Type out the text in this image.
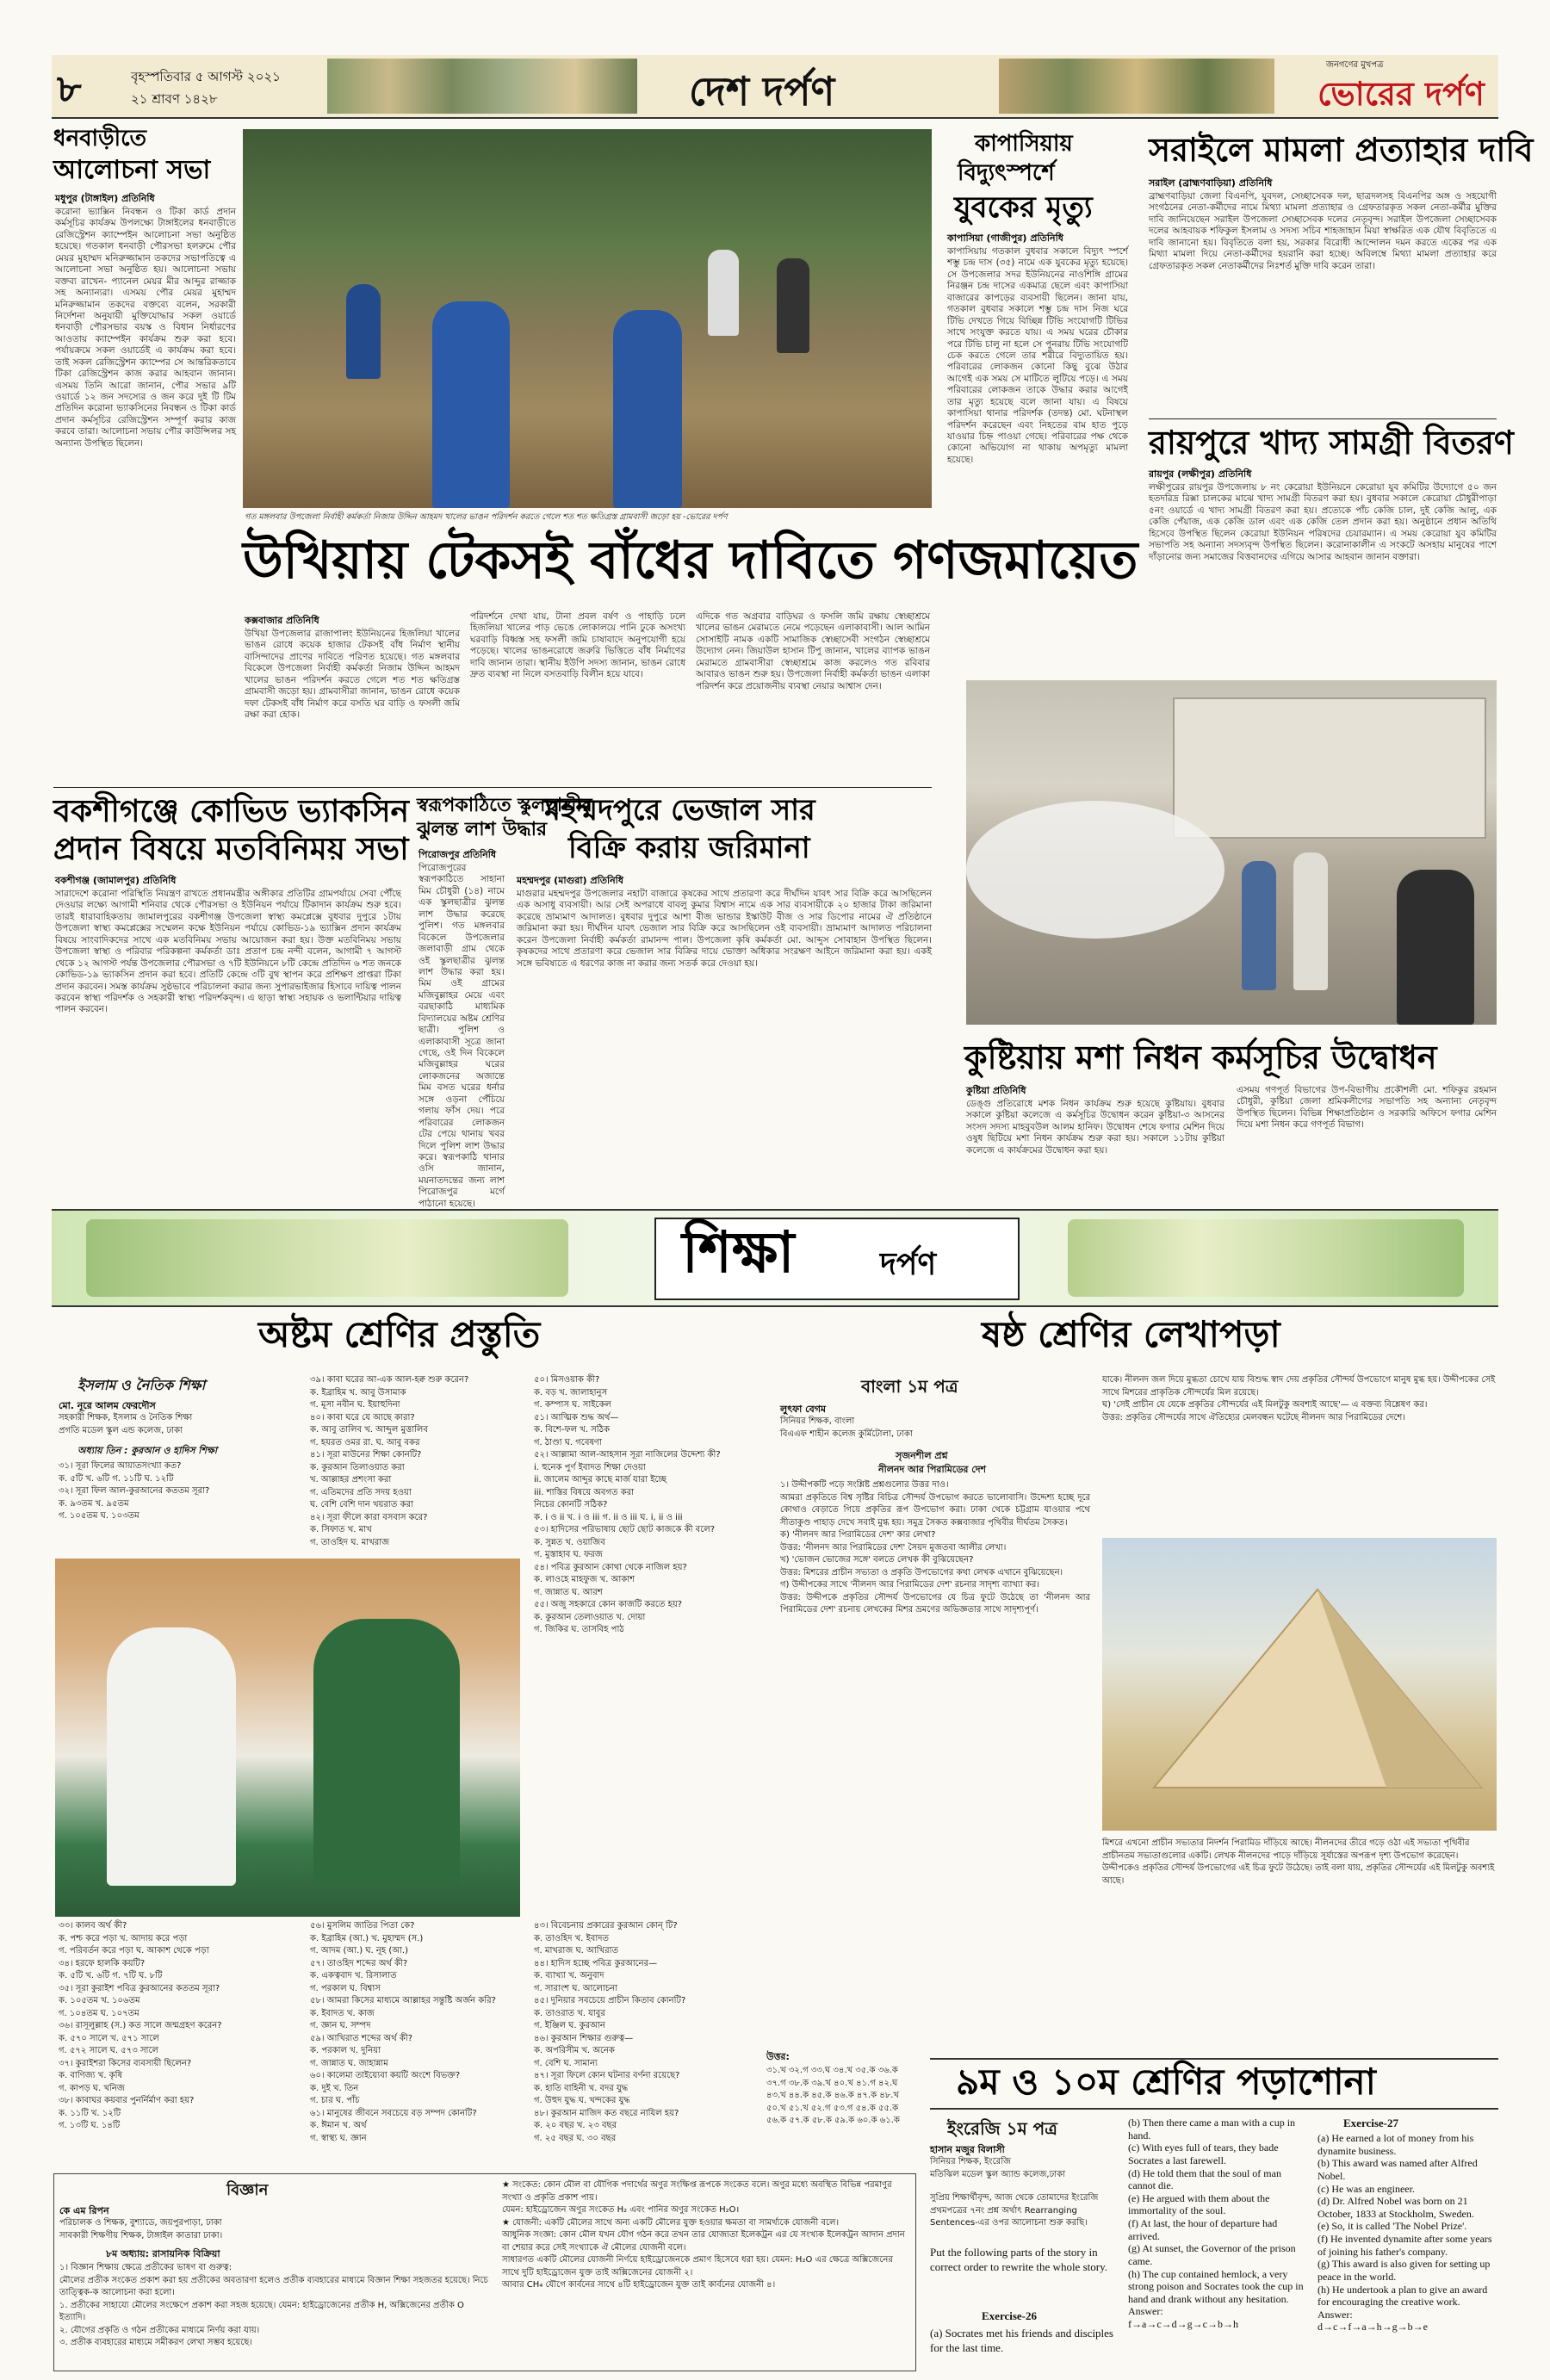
৮	বৃহস্পতিবার ৫ আগস্ট ২০২১
২১ শ্রাবণ ১৪২৮	দেশ দর্পণ
জনগণের মুখপত্র
ভোরের দর্পণ
ধনবাড়ীতে
আলোচনা সভা
মধুপুর (টাঙ্গাইল) প্রতিনিধি
করোনা ভ্যাক্সিন নিবন্ধন ও টিকা কার্ড প্রদান কর্মসূচির কার্যক্রম উপলক্ষ্যে টাঙ্গাইলের ধনবাড়ীতে রেজিস্ট্রেশন ক্যাম্পেইন আলোচনা সভা অনুষ্ঠিত হয়েছে। গতকাল ধনবাড়ী পৌরসভা হলরুমে পৌর মেয়র মুহাম্মদ মনিরুজ্জামান তকদের সভাপতিত্বে এ আলোচনা সভা অনুষ্ঠিত হয়। আলোচনা সভায় বক্তব্য রাখেন- প্যানেল মেয়র মীর আব্দুর রাজ্জাক সহ অন্যান্যরা। এসময় পৌর মেয়র মুহাম্মদ মনিরুজ্জামান তকদের বক্তব্যে বলেন, সরকারী নির্দেশনা অনুযায়ী মুক্তিযোদ্ধার সকল ওয়ার্ডে ধনবাড়ী পৌরসভার বয়স্ক ও বিধান নির্ধারণের আওতায় ক্যাম্পেইন কার্যক্রম শুরু করা হবে। পর্যায়ক্রমে সকল ওয়ার্ডেই এ কার্যক্রম করা হবে। তাই সকল রেজিস্ট্রেশন ক্যাম্পের সে আন্তরিকতাবে টিকা রেজিস্ট্রেশন কাজ করার আহবান জানান। এসময় তিনি আরো জানান, পৌর সভার ৯টি ওয়ার্ডে ১২ জন সদস্যের ও জন করে দুই টি টিম প্রতিদিন করোনা ভ্যাকসিনের নিবন্ধন ও টিকা কার্ড প্রদান কর্মসূচির রেজিস্ট্রেশন সম্পূর্ণ করার কাজ করবে তারা। আলোচনা সভায় পৌর কাউন্সিলর সহ অন্যান্য উপস্থিত ছিলেন।
গত মঙ্গলবার উপজেলা নির্বাহী কর্মকর্তা নিজাম উদ্দিন আহমদ খালের ভাঙন পরিদর্শন করতে গেলে শত শত ক্ষতিগ্রস্ত গ্রামবাসী জড়ো হয় -ভোরের দর্পণ
উখিয়ায় টেকসই বাঁধের দাবিতে গণজমায়েত
কক্সবাজার প্রতিনিধি
উখিয়া উপজেলার রাজাপালং ইউনিয়নের হিজলিয়া খালের ভাঙন রোধে কয়েক হাজার টেকসই বাঁধ নির্মাণ স্থানীয় বাসিন্দাদের প্রাণের দাবিতে পরিণত হয়েছে। গত মঙ্গলবার বিকেলে উপজেলা নির্বাহী কর্মকর্তা নিজাম উদ্দিন আহমদ খালের ভাঙন পরিদর্শন করতে গেলে শত শত ক্ষতিগ্রস্ত গ্রামবাসী জড়ো হয়। গ্রামবাসীরা জানান, ভাঙন রোধে কয়েক দফা টেকসই বাঁধ নির্মাণ করে বসতি ঘর বাড়ি ও ফসলী জমি রক্ষা করা হোক।
পরিদর্শনে দেখা যায়, টানা প্রবল বর্ষণ ও পাহাড়ি ঢলে হিজলিয়া খালের পাড় ভেঙে লোকালয়ে পানি ঢুকে অসংখ্য ঘরবাড়ি বিধ্বস্ত সহ ফসলী জমি চাষাবাদে অনুপযোগী হয়ে পড়েছে। খালের ভাঙনরোধে জরুরি ভিত্তিতে বাঁধ নির্মাণের দাবি জানান তারা। স্থানীয় ইউপি সদস্য জানান, ভাঙন রোধে দ্রুত ব্যবস্থা না নিলে বসতবাড়ি বিলীন হয়ে যাবে।
এদিকে গত অগ্রবার বাড়িঘর ও ফসলি জমি রক্ষায় স্বেচ্ছাশ্রমে খালের ভাঙন মেরামতে নেমে পড়েছেন এলাকাবাসী। আল আমিন সোসাইটি নামক একটি সামাজিক স্বেচ্ছাসেবী সংগঠন স্বেচ্ছাশ্রমে উদ্যোগ নেন। জিয়াউল হাসান টিপু জানান, খালের ব্যাপক ভাঙন মেরামতে গ্রামবাসীরা স্বেচ্ছাশ্রমে কাজ করলেও গত রবিবার আবারও ভাঙন শুরু হয়। উপজেলা নির্বাহী কর্মকর্তা ভাঙন এলাকা পরিদর্শন করে প্রয়োজনীয় ব্যবস্থা নেয়ার আশ্বাস দেন।
কাপাসিয়ায়
বিদ্যুৎস্পর্শে
যুবকের মৃত্যু
কাপাসিয়া (গাজীপুর) প্রতিনিধি
কাপাসিয়ায় গতকাল বুধবার সকালে বিদ্যুৎ স্পর্শে শম্ভু চন্দ্র দাস (৩৫) নামে এক যুবকের মৃত্যু হয়েছে। সে উপজেলার সদর ইউনিয়নের নাওশিঙ্গি গ্রামের নিরঞ্জন চন্দ্র দাসের একমাত্র ছেলে এবং কাপাসিয়া বাজারের কাপড়ের ব্যবসায়ী ছিলেন। জানা যায়, গতকাল বুধবার সকালে শম্ভু চন্দ্র দাস নিজ ঘরে টিভি দেখতে গিয়ে বিচ্ছিন্ন টিভি সংযোগটি টিভির সাথে সংযুক্ত করতে যায়। এ সময় ঘরের চৌকার পরে টিভি চালু না হলে সে পুনরায় টিভি সংযোগটি চেক করতে গেলে তার শরীরে বিদ্যুতায়িত হয়। পরিবারের লোকজন কোনো কিছু বুঝে উঠার আগেই এক সময় সে মাটিতে লুটিয়ে পড়ে। এ সময় পরিবারের লোকজন তাকে উদ্ধার করার আগেই তার মৃত্যু হয়েছে বলে জানা যায়। এ বিষয়ে কাপাসিয়া থানার পরিদর্শক (তদন্ত) মো. ঘটনাস্থল পরিদর্শন করেছেন এবং নিহতের বাম হাত পুড়ে যাওয়ার চিহ্ন পাওয়া গেছে। পরিবারের পক্ষ থেকে কোনো অভিযোগ না থাকায় অপমৃত্যু মামলা হয়েছে।
সরাইলে মামলা প্রত্যাহার দাবি
সরাইল (ব্রাহ্মণবাড়িয়া) প্রতিনিধি
ব্রাহ্মণবাড়িয়া জেলা বিএনপি, যুবদল, সেচ্ছাসেবক দল, ছাত্রদলসহ বিএনপির অঙ্গ ও সহযোগী সংগঠনের নেতা-কর্মীদের নামে মিথ্যা মামলা প্রত্যাহার ও গ্রেফতারকৃত সকল নেতা-কর্মীর মুক্তির দাবি জানিয়েছেন সরাইল উপজেলা সেচ্ছাসেবক দলের নেতৃবৃন্দ। সরাইল উপজেলা সেচ্ছাসেবক দলের আহবায়ক শফিকুল ইসলাম ও সদস্য সচিব শাহজাহান মিয়া স্বাক্ষরিত এক যৌথ বিবৃতিতে এ দাবি জানানো হয়। বিবৃতিতে বলা হয়, সরকার বিরোধী আন্দোলন দমন করতে একের পর এক মিথ্যা মামলা দিয়ে নেতা-কর্মীদের হয়রানি করা হচ্ছে। অবিলম্বে মিথ্যা মামলা প্রত্যাহার করে গ্রেফতারকৃত সকল নেতাকর্মীদের নিঃশর্ত মুক্তি দাবি করেন তারা।
রায়পুরে খাদ্য সামগ্রী বিতরণ
রায়পুর (লক্ষীপুর) প্রতিনিধি
লক্ষীপুরের রায়পুর উপজেলায় ৮ নং কেরোয়া ইউনিয়নে কেরোয়া যুব কমিটির উদ্যোগে ৫০ জন হতদরিদ্র রিক্সা চালকের মাঝে খাদ্য সামগ্রী বিতরণ করা হয়। বুধবার সকালে কেরোয়া চৌধুরীপাড়া ৫নং ওয়ার্ডে এ খাদ্য সামগ্রী বিতরণ করা হয়। প্রত্যেকে পাঁচ কেজি চাল, দুই কেজি আলু, এক কেজি পেঁয়াজ, এক কেজি ডাল এবং এক কেজি তেল প্রদান করা হয়। অনুষ্ঠানে প্রধান অতিথি হিসেবে উপস্থিত ছিলেন কেরোয়া ইউনিয়ন পরিষদের চেয়ারম্যান। এ সময় কেরোয়া যুব কমিটির সভাপতি সহ অন্যান্য সদস্যবৃন্দ উপস্থিত ছিলেন। করোনাকালীন এ সংকটে অসহায় মানুষের পাশে দাঁড়ানোর জন্য সমাজের বিত্তবানদের এগিয়ে আসার আহবান জানান বক্তারা।
বকশীগঞ্জে কোভিড ভ্যাকসিন
প্রদান বিষয়ে মতবিনিময় সভা
বকশীগঞ্জ (জামালপুর) প্রতিনিধি
সারাদেশে করোনা পরিস্থিতি নিয়ন্ত্রণ রাখতে প্রধানমন্ত্রীর অঙ্গীকার প্রতিটির গ্রামপর্যায়ে সেবা পৌঁছে দেওয়ার লক্ষ্যে আগামী শনিবার থেকে পৌরসভা ও ইউনিয়ন পর্যায়ে টিকাদান কার্যক্রম শুরু হবে। তারই ধারাবাহিকতায় জামালপুরের বকশীগঞ্জ উপজেলা স্বাস্থ্য কমপ্লেক্সে বুধবার দুপুরে ১টায় উপজেলা স্বাস্থ্য কমপ্লেক্সের সম্মেলন কক্ষে ইউনিয়ন পর্যায়ে কোভিড-১৯ ভ্যাক্সিন প্রদান কার্যক্রম বিষয়ে সাংবাদিকদের সাথে এক মতবিনিময় সভায় আয়োজন করা হয়। উক্ত মতবিনিময় সভায় উপজেলা স্বাস্থ্য ও পরিবার পরিকল্পনা কর্মকর্তা ডাঃ প্রতাপ চন্দ্র নন্দী বলেন, আগামী ৭ আগস্ট থেকে ১২ আগস্ট পর্যন্ত উপজেলার পৌরসভা ও ৭টি ইউনিয়নে ৮টি কেন্দ্রে প্রতিদিন ৬ শত জনকে কোভিড-১৯ ভ্যাকসিন প্রদান করা হবে। প্রতিটি কেন্দ্রে ৩টি বুথ স্থাপন করে প্রশিক্ষণ প্রাপ্তরা টিকা প্রদান করবেন। সমস্ত কার্যক্রম সুষ্ঠভাবে পরিচালনা করার জন্য সুপারভাইজার হিসাবে দায়িত্ব পালন করবেন স্বাস্থ্য পরিদর্শক ও সহকারী স্বাস্থ্য পরিদর্শকবৃন্দ। এ ছাড়া স্বাস্থ্য সহায়ক ও ভলান্টিয়ার দায়িত্ব পালন করবেন।
স্বরূপকাঠিতে স্কুলছাত্রীর
ঝুলন্ত লাশ উদ্ধার
পিরোজপুর প্রতিনিধি
পিরোজপুরের স্বরূপকাঠিতে সাহানা মিম চৌধুরী (১৪) নামে এক স্কুলছাত্রীর ঝুলন্ত লাশ উদ্ধার করেছে পুলিশ। গত মঙ্গলবার বিকেলে উপজেলার জলাবাড়ী গ্রাম থেকে ওই স্কুলছাত্রীর ঝুলন্ত লাশ উদ্ধার করা হয়। মিম ওই গ্রামের মজিবুল্লাহর মেয়ে এবং বরছাকাঠি মাধ্যমিক বিদ্যালয়ের অষ্টম শ্রেণির ছাত্রী। পুলিশ ও এলাকাবাসী সূত্রে জানা গেছে, ওই দিন বিকেলে মজিবুল্লাহর ঘরের লোকজনের অজান্তে মিম বসত ঘরের ধর্নার সঙ্গে ওড়না পেঁচিয়ে গলায় ফাঁস দেয়। পরে পরিবারের লোকজন টের পেয়ে থানায় খবর দিলে পুলিশ লাশ উদ্ধার করে। স্বরূপকাঠি থানার ওসি জানান, ময়নাতদন্তের জন্য লাশ পিরোজপুর মর্গে পাঠানো হয়েছে।
মহম্মদপুরে ভেজাল সার
বিক্রি করায় জরিমানা
মহম্মদপুর (মাগুরা) প্রতিনিধি
মাগুরার মহম্মদপুর উপজেলার নহাটা বাজারে কৃষকের সাথে প্রতারণা করে দীর্ঘদিন যাবৎ সার বিক্রি করে আসছিলেন এক অসাধু ব্যবসায়ী। আর সেই অপরাধে বাবলু কুমার বিশ্বাস নামে এক সার ব্যবসায়ীকে ২০ হাজার টাকা জরিমানা করেছে ভ্রাম্যমাণ আদালত। বুধবার দুপুরে আশা বীজ ভান্ডার ইস্কাউট বীজ ও সার ডিপোর নামের ঐ প্রতিষ্ঠানে জরিমানা করা হয়। দীর্ঘদিন যাবৎ ভেজাল সার বিক্রি করে আসছিলেন ওই ব্যবসায়ী। ভ্রাম্যমাণ আদালত পরিচালনা করেন উপজেলা নির্বাহী কর্মকর্তা রামানন্দ পাল। উপজেলা কৃষি কর্মকর্তা মো. আব্দুস সোবাহান উপস্থিত ছিলেন। কৃষকদের সাথে প্রতারণা করে ভেজাল সার বিক্রির দায়ে ভোক্তা অধিকার সংরক্ষণ আইনে জরিমানা করা হয়। একই সঙ্গে ভবিষ্যতে এ ধরণের কাজ না করার জন্য সতর্ক করে দেওয়া হয়।
কুষ্টিয়ায় মশা নিধন কর্মসূচির উদ্বোধন
কুষ্টিয়া প্রতিনিধি
ডেঙ্গু প্রতিরোধে মশক নিধন কার্যক্রম শুরু হয়েছে কুষ্টিয়ায়। বুধবার সকালে কুষ্টিয়া কলেজে এ কর্মসূচির উদ্বোধন করেন কুষ্টিয়া-৩ আসনের সংসদ সদস্য মাহবুবউল আলম হানিফ। উদ্বোধন শেষে ফগার মেশিন দিয়ে ওষুধ ছিটিয়ে মশা নিধন কার্যক্রম শুরু করা হয়। সকালে ১১টায় কুষ্টিয়া কলেজে এ কার্যক্রমের উদ্বোধন করা হয়।
এসময় গণপূর্ত বিভাগের উপ-বিভাগীয় প্রকৌশলী মো. শফিকুর রহমান চৌধুরী, কুষ্টিয়া জেলা শ্রমিকলীগের সভাপতি সহ অন্যান্য নেতৃবৃন্দ উপস্থিত ছিলেন। বিভিন্ন শিক্ষাপ্রতিষ্ঠান ও সরকারি অফিসে ফগার মেশিন দিয়ে মশা নিধন করে গণপূর্ত বিভাগ।
শিক্ষা	দর্পণ
অষ্টম শ্রেণির প্রস্তুতি
ইসলাম ও নৈতিক শিক্ষা
মো. নূরে আলম ফেরদৌস
সহকারী শিক্ষক, ইসলাম ও নৈতিক শিক্ষা
প্রগতি মডেল স্কুল এন্ড কলেজ, ঢাকা
অধ্যায় তিন : কুরআন ও হাদিস শিক্ষা
৩১। সূরা ফিলের আয়াতসংখ্যা কত?
ক. ৫টি খ. ৬টি গ. ১১টি ঘ. ১২টি
৩২। সূরা ফিল আল-কুরআনের কততম সূরা?
ক. ৯৩তম খ. ৯৫তম
গ. ১০৫তম ঘ. ১০৩তম
৩৩। কালব অর্থ কী?
ক. পশ্চ করে পড়া খ. আদায় করে পড়া
গ. পরিবর্তন করে পড়া ঘ. আকাশ থেকে পড়া
৩৪। হরফে হালকি কয়টি?
ক. ৫টি খ. ৬টি গ. ৭টি ঘ. ৮টি
৩৫। সূরা কুরাইশ পবিত্র কুরআনের কততম সূরা?
ক. ১০৫তম খ. ১০৬তম
গ. ১০৪তম ঘ. ১০৭তম
৩৬। রাসূলুল্লাহ (স.) কত সালে জন্মগ্রহণ করেন?
ক. ৫৭০ সালে খ. ৫৭১ সালে
গ. ৫৭২ সালে ঘ. ৫৭৩ সালে
৩৭। কুরাইশরা কিসের ব্যবসায়ী ছিলেন?
ক. বাণিজ্য খ. কৃষি
গ. কাপড় ঘ. খনিজ
৩৮। কাবাঘর কয়বার পুনর্নির্মাণ করা হয়?
ক. ১১টি খ. ১২টি
গ. ১৩টি ঘ. ১৪টি
৩৯। কাবা ঘরের আ-এক আল-হক্ব শুরু করেন?
ক. ইব্রাহিম খ. আবু উসামাক
গ. মূসা নবীন ঘ. ইয়াহুদিনা
৪০। কাবা ঘরে যে আছে কারা?
ক. আবু তালিব খ. আব্দুল মুত্তালিব
গ. হযরত ওমর রা. ঘ. আবু বকর
৪১। সূরা মাউনের শিক্ষা কোনটি?
ক. কুরআন তিলাওয়াত করা
খ. আল্লাহর প্রশংসা করা
গ. এতিমদের প্রতি সদয় হওয়া
ঘ. বেশি বেশি দান খয়রাত করা
৪২। সূরা ফীলে কারা বসবাস করে?
ক. সিফাত খ. মাখ
গ. তাওহিদ ঘ. মাখরাজ
৪৩। বিবেচনায় প্রকারের কুরআন কোন্ টি?
ক. তাওহিদ খ. ইবাদত
গ. মাখরাজ ঘ. আখিরাত
৪৪। হাদিস হচ্ছে পবিত্র কুরআনের—
ক. ব্যাখ্যা খ. অনুবাদ
গ. সারাংশ ঘ. আলোচনা
৪৫। দুনিয়ার সবচেয়ে প্রাচীন কিতাব কোনটি?
ক. তাওরাত খ. যাবুর
গ. ইঞ্জিল ঘ. কুরআন
৪৬। কুরআন শিক্ষার গুরুত্ব—
ক. অপরিসীম খ. অনেক
গ. বেশি ঘ. সামান্য
৪৭। সূরা ফিলে কোন ঘটনার বর্ণনা রয়েছে?
ক. হাতি বাহিনী খ. বদর যুদ্ধ
গ. উহুদ যুদ্ধ ঘ. খন্দকের যুদ্ধ
৪৮। কুরআন মাজিদ কত বছরে নাযিল হয়?
ক. ২০ বছর খ. ২৩ বছর
গ. ২৫ বছর ঘ. ৩০ বছর
৫০। মিসওয়াক কী?
ক. বড় খ. জালাহানুস
গ. কম্পাস ঘ. সাইকেল
৫১। আত্মিক শুদ্ধ অর্থ—
ক. বিশে-ফল খ. সঠিক
গ. ঠাণ্ডা ঘ. গবেষণা
৫২। আল্লামা আল-আহসান সূরা নাজিলের উদ্দেশ্য কী?
i. হুনেক পুর্ণ ইবাদত শিক্ষা দেওয়া
ii. জালেম আব্দুর কাছে মার্জ যারা ইচ্ছে
iii. শাস্তির বিষয়ে অবগত করা
নিচের কোনটি সঠিক?
ক. i ও ii খ. i ও iii গ. ii ও iii ঘ. i, ii ও iii
৫৩। হাদিসের পরিভাষায় ছোট ছোট কাজকে কী বলে?
ক. সুন্নত খ. ওয়াজিব
গ. মুস্তাহাব ঘ. ফরজ
৫৪। পবিত্র কুরআন কোথা থেকে নাজিল হয়?
ক. লাওহে মাহফুজ খ. আকাশ
গ. জান্নাত ঘ. আরশ
৫৫। অজু সহকারে কোন কাজটি করতে হয়?
ক. কুরআন তেলাওয়াত খ. দোয়া
গ. জিকির ঘ. তাসবিহ পাঠ
৫৬। মুসলিম জাতির পিতা কে?
ক. ইব্রাহিম (আ.) খ. মুহাম্মদ (স.)
গ. আদম (আ.) ঘ. নূহ (আ.)
৫৭। তাওহিদ শব্দের অর্থ কী?
ক. একত্ববাদ খ. রিসালাত
গ. পরকাল ঘ. বিশ্বাস
৫৮। আমরা কিসের মাধ্যমে আল্লাহর সন্তুষ্টি অর্জন করি?
ক. ইবাদত খ. কাজ
গ. জ্ঞান ঘ. সম্পদ
৫৯। আখিরাত শব্দের অর্থ কী?
ক. পরকাল খ. দুনিয়া
গ. জান্নাত ঘ. জাহান্নাম
৬০। কালেমা তাইয়্যেবা কয়টি অংশে বিভক্ত?
ক. দুই খ. তিন
গ. চার ঘ. পাঁচ
৬১। মানুষের জীবনে সবচেয়ে বড় সম্পদ কোনটি?
ক. ঈমান খ. অর্থ
গ. স্বাস্থ্য ঘ. জ্ঞান
উত্তর:
৩১.খ ৩২.গ ৩৩.ঘ ৩৪.খ ৩৫.ক ৩৬.ক ৩৭.গ ৩৮.ক ৩৯.খ ৪০.খ ৪১.গ ৪২.ঘ ৪৩.খ ৪৪.ক ৪৫.ক ৪৬.ক ৪৭.ক ৪৮.খ ৫০.খ ৫১.খ ৫২.গ ৫৩.গ ৫৪.ক ৫৫.ক ৫৬.ক ৫৭.ক ৫৮.ক ৫৯.ক ৬০.ক ৬১.ক
বিজ্ঞান
কে এম রিপন
পরিচালক ও শিক্ষক, বুশ্যাডে, জয়পুরপাড়া, ঢাকা
সাবকারী শিক্ষণীয় শিক্ষক, টাঙ্গাইল কাতারা ঢাকা।
৮ম অধ্যায়: রাসায়নিক বিক্রিয়া
১। বিজ্ঞান শিক্ষায় ক্ষেত্রে প্রতীকের ভাষণ বা গুরুত্ব:
মৌলের প্রতীক সংকেত প্রকাশ করা হয় প্রতীকের অবতারণা হলেও প্রতীক ব্যবহারের মাধ্যমে বিজ্ঞান শিক্ষা সহজতর হয়েছে। নিচে তাত্ত্বিক-ক আলোচনা করা হলো।
১. প্রতীকের সাহায্যে মৌলের সংক্ষেপে প্রকাশ করা সহজ হয়েছে। যেমন: হাইড্রোজেনের প্রতীক H, অক্সিজেনের প্রতীক O ইত্যাদি।
২. যৌগের প্রকৃতি ও গঠন প্রতীকের মাধ্যমে নির্ণয় করা যায়।
৩. প্রতীক ব্যবহারের মাধ্যমে সমীকরণ লেখা সম্ভব হয়েছে।
★ সংকেত: কোন মৌল বা যৌগিক পদার্থের অণুর সংক্ষিপ্ত রূপকে সংকেত বলে। অণুর মধ্যে অবস্থিত বিভিন্ন পরমাণুর সংখ্যা ও প্রকৃতি প্রকাশ পায়।
যেমন: হাইড্রোজেন অণুর সংকেত H₂ এবং পানির অণুর সংকেত H₂O।
★ যোজনী: একটি মৌলের সাথে অন্য একটি মৌলের যুক্ত হওয়ার ক্ষমতা বা সামর্থ্যকে যোজনী বলে।
আধুনিক সংজ্ঞা: কোন মৌল যখন যৌগ গঠন করে তখন তার যোজ্যতা ইলেকট্রন এর যে সংখ্যক ইলেকট্রন আদান প্রদান বা শেয়ার করে সেই সংখ্যাকে ঐ মৌলের যোজনী বলে।
সাধারণত একটি মৌলের যোজনী নির্ণয়ে হাইড্রোজেনকে প্রমাণ হিসেবে ধরা হয়। যেমন: H₂O এর ক্ষেত্রে অক্সিজেনের সাথে দুটি হাইড্রোজেন যুক্ত তাই অক্সিজেনের যোজনী ২।
আবার CH₄ যৌগে কার্বনের সাথে ৪টি হাইড্রোজেন যুক্ত তাই কার্বনের যোজনী ৪।
ষষ্ঠ শ্রেণির লেখাপড়া
বাংলা ১ম পত্র
লুৎফা বেগম
সিনিয়র শিক্ষক, বাংলা
বিএএফ শাহীন কলেজ কুর্মিটোলা, ঢাকা
সৃজনশীল প্রশ্ন
নীলনদ আর পিরামিডের দেশ
১। উদ্দীপকটি পড়ে সংশ্লিষ্ট প্রশ্নগুলোর উত্তর দাও।
আমরা প্রকৃতিতে বিশ্ব সৃষ্টির বিচিত্র সৌন্দর্য উপভোগ করতে ভালোবাসি। উদ্দেশ্য হচ্ছে দূরে কোথাও বেড়াতে গিয়ে প্রকৃতির রূপ উপভোগ করা। ঢাকা থেকে চট্টগ্রাম যাওয়ার পথে সীতাকুণ্ড পাহাড় দেখে সবাই মুগ্ধ হয়। সমুদ্র সৈকত কক্সবাজার পৃথিবীর দীর্ঘতম সৈকত।
ক) 'নীলনদ আর পিরামিডের দেশ' কার লেখা?
উত্তর: 'নীলনদ আর পিরামিডের দেশ' সৈয়দ মুজতবা আলীর লেখা।
খ) 'ভোজন ভোজের সঙ্গে' বলতে লেখক কী বুঝিয়েছেন?
উত্তর: মিশরের প্রাচীন সভ্যতা ও প্রকৃতি উপভোগের কথা লেখক এখানে বুঝিয়েছেন।
গ) উদ্দীপকের সাথে 'নীলনদ আর পিরামিডের দেশ' রচনার সাদৃশ্য ব্যাখ্যা কর।
উত্তর: উদ্দীপকে প্রকৃতির সৌন্দর্য উপভোগের যে চিত্র ফুটে উঠেছে তা 'নীলনদ আর পিরামিডের দেশ' রচনায় লেখকের মিশর ভ্রমণের অভিজ্ঞতার সাথে সাদৃশ্যপূর্ণ।
যাকে। নীলনদ জল দিয়ে মুগ্ধতা চোখে যায় বিশুদ্ধ স্বাদ দেয় প্রকৃতির সৌন্দর্য উপভোগে মানুষ মুগ্ধ হয়। উদ্দীপকের সেই সাথে মিশরের প্রাকৃতিক সৌন্দর্যের মিল রয়েছে।
ঘ) 'সেই প্রাচীন যে যেকে প্রকৃতির সৌন্দর্যের এই মিলটুকু অবশ্যই আছে'— এ বক্তব্য বিশ্লেষণ কর।
উত্তর: প্রকৃতির সৌন্দর্যের সাথে ঐতিহ্যের মেলবন্ধন ঘটেছে নীলনদ আর পিরামিডের দেশে।
মিশরে এখনো প্রাচীন সভ্যতার নিদর্শন পিরামিড দাঁড়িয়ে আছে। নীলনদের তীরে গড়ে ওঠা এই সভ্যতা পৃথিবীর প্রাচীনতম সভ্যতাগুলোর একটি। লেখক নীলনদের পাড়ে দাঁড়িয়ে সূর্যাস্তের অপরূপ দৃশ্য উপভোগ করেছেন। উদ্দীপকেও প্রকৃতির সৌন্দর্য উপভোগের এই চিত্র ফুটে উঠেছে। তাই বলা যায়, প্রকৃতির সৌন্দর্যের এই মিলটুকু অবশ্যই আছে।
৯ম ও ১০ম শ্রেণির পড়াশোনা
ইংরেজি ১ম পত্র
হাসান মজুর বিলাসী
সিনিয়র শিক্ষক, ইংরেজি
মতিঝিল মডেল স্কুল অ্যান্ড কলেজ,ঢাকা
সুপ্রিয় শিক্ষার্থীবৃন্দ, আজ থেকে তোমাদের ইংরেজি প্রথমপত্রের ৭নং প্রশ্ন অর্থাৎ Rearranging Sentences-এর ওপর আলোচনা শুরু করছি।
Put the following parts of the story in correct order to rewrite the whole story.
Exercise-26
(a) Socrates met his friends and disciples for the last time.
(b) Then there came a man with a cup in hand.
(c) With eyes full of tears, they bade Socrates a last farewell.
(d) He told them that the soul of man cannot die.
(e) He argued with them about the immortality of the soul.
(f) At last, the hour of departure had arrived.
(g) At sunset, the Governor of the prison came.
(h) The cup contained hemlock, a very strong poison and Socrates took the cup in hand and drank without any hesitation.
Answer:
f→a→c→d→g→c→b→h
Exercise-27
(a) He earned a lot of money from his dynamite business.
(b) This award was named after Alfred Nobel.
(c) He was an engineer.
(d) Dr. Alfred Nobel was born on 21 October, 1833 at Stockholm, Sweden.
(e) So, it is called 'The Nobel Prize'.
(f) He invented dynamite after some years of joining his father's company.
(g) This award is also given for setting up peace in the world.
(h) He undertook a plan to give an award for encouraging the creative work.
Answer:
d→c→f→a→h→g→b→e
